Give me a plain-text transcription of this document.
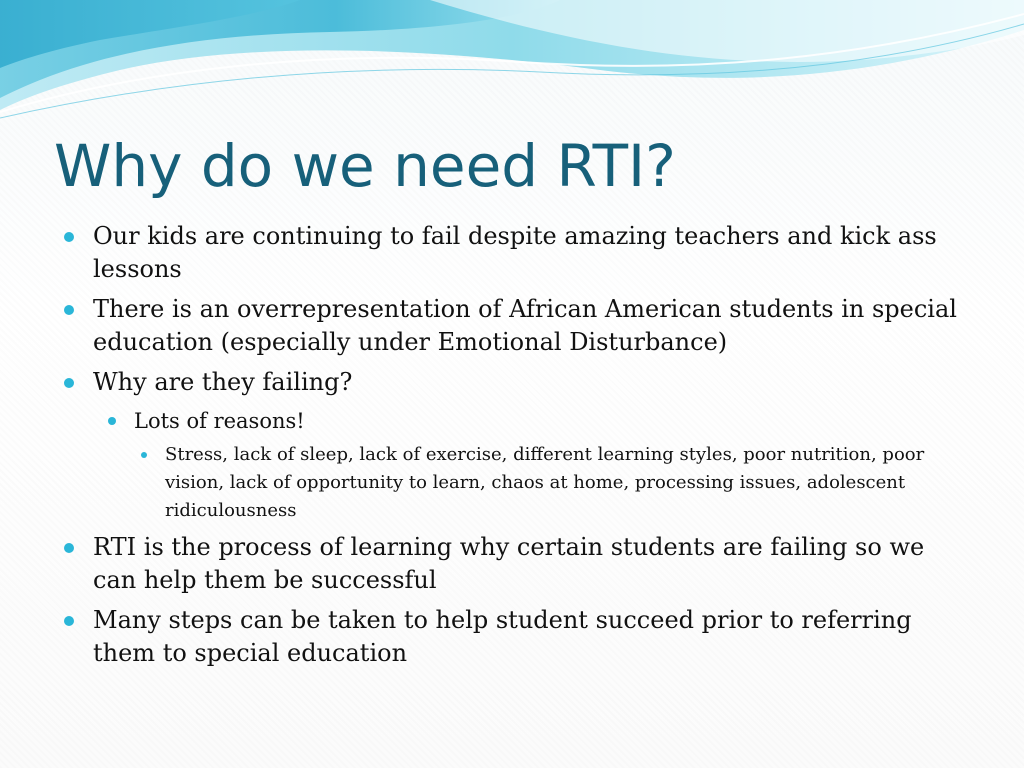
Why do we need RTI?

Our kids are continuing to fail despite amazing teachers and kick ass lessons

There is an overrepresentation of African American students in special education (especially under Emotional Disturbance)

Why are they failing?

Lots of reasons!

Stress, lack of sleep, lack of exercise, different learning styles, poor nutrition, poor vision, lack of opportunity to learn, chaos at home, processing issues, adolescent ridiculousness

RTI is the process of learning why certain students are failing so we can help them be successful

Many steps can be taken to help student succeed prior to referring them to special education
